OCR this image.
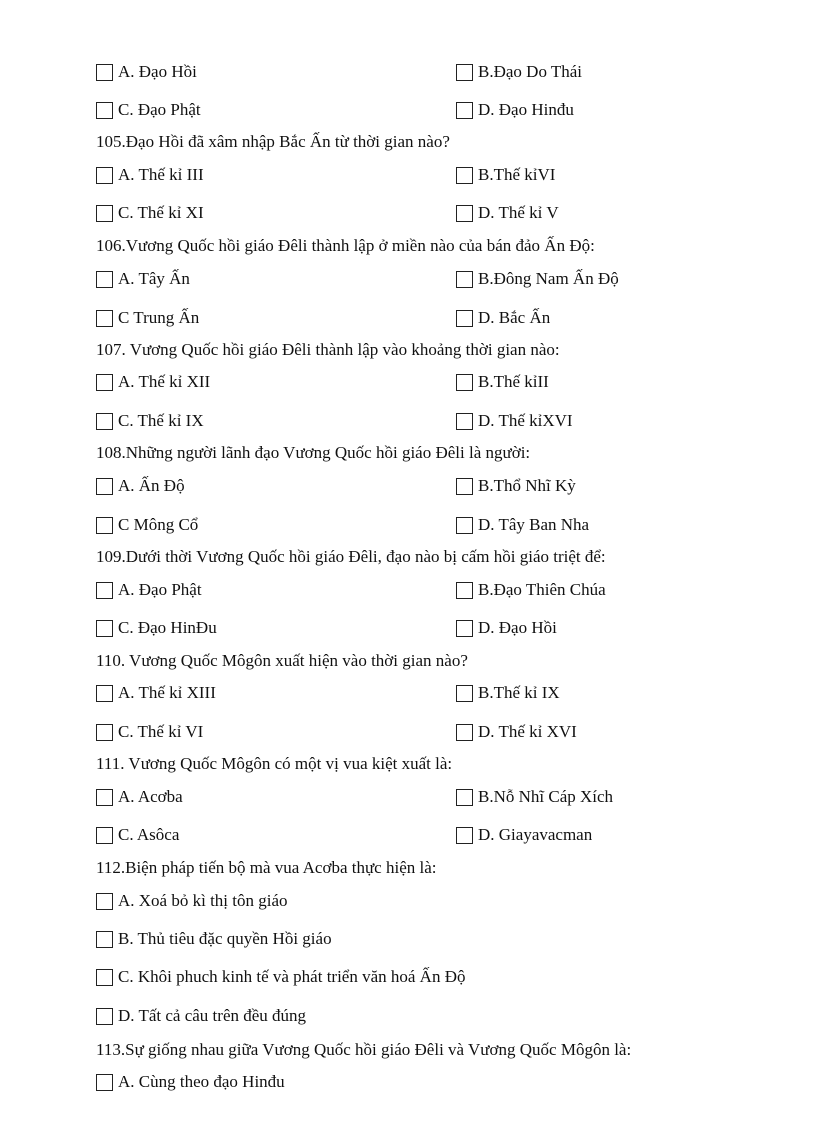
A. Đạo Hồi	B.Đạo Do Thái
C. Đạo Phật	D. Đạo Hinđu
105.Đạo Hồi đã xâm nhập Bắc Ấn từ thời gian nào?
A. Thế kỉ III	B.Thế kỉVI
C. Thế kỉ XI	D. Thế kỉ V
106.Vương Quốc hồi giáo Đêli thành lập ở miền nào của bán đảo Ấn Độ:
A. Tây Ấn	B.Đông Nam Ấn Độ
C Trung Ấn	D. Bắc Ấn
107. Vương Quốc hồi giáo Đêli thành lập vào khoảng thời gian nào:
A. Thế kỉ XII	B.Thế kỉII
C. Thế kỉ IX	D. Thế kỉXVI
108.Những người lãnh đạo Vương Quốc hồi giáo Đêli là người:
A. Ấn Độ	B.Thổ Nhĩ Kỳ
C Mông Cổ	D. Tây Ban Nha
109.Dưới thời Vương Quốc hồi giáo Đêli, đạo nào bị cấm hồi giáo triệt để:
A. Đạo Phật	B.Đạo Thiên Chúa
C. Đạo HinĐu	D. Đạo Hồi
110. Vương Quốc Môgôn xuất hiện vào thời gian nào?
A. Thế kỉ XIII	B.Thế kỉ IX
C. Thế kỉ VI	D. Thế kỉ XVI
111. Vương Quốc Môgôn có một vị vua kiệt xuất là:
A. Acơba	B.Nỗ Nhĩ Cáp Xích
C. Asôca	D. Giayavacman
112.Biện pháp tiến bộ mà vua Acơba thực hiện là:
A. Xoá bỏ kì thị tôn giáo
B. Thủ tiêu đặc quyền Hồi giáo
C. Khôi phuch kinh tế và phát triển văn hoá Ấn Độ
D. Tất cả câu trên đều đúng
113.Sự giống nhau giữa Vương Quốc hồi giáo Đêli và Vương Quốc Môgôn là:
A. Cùng theo đạo Hinđu
